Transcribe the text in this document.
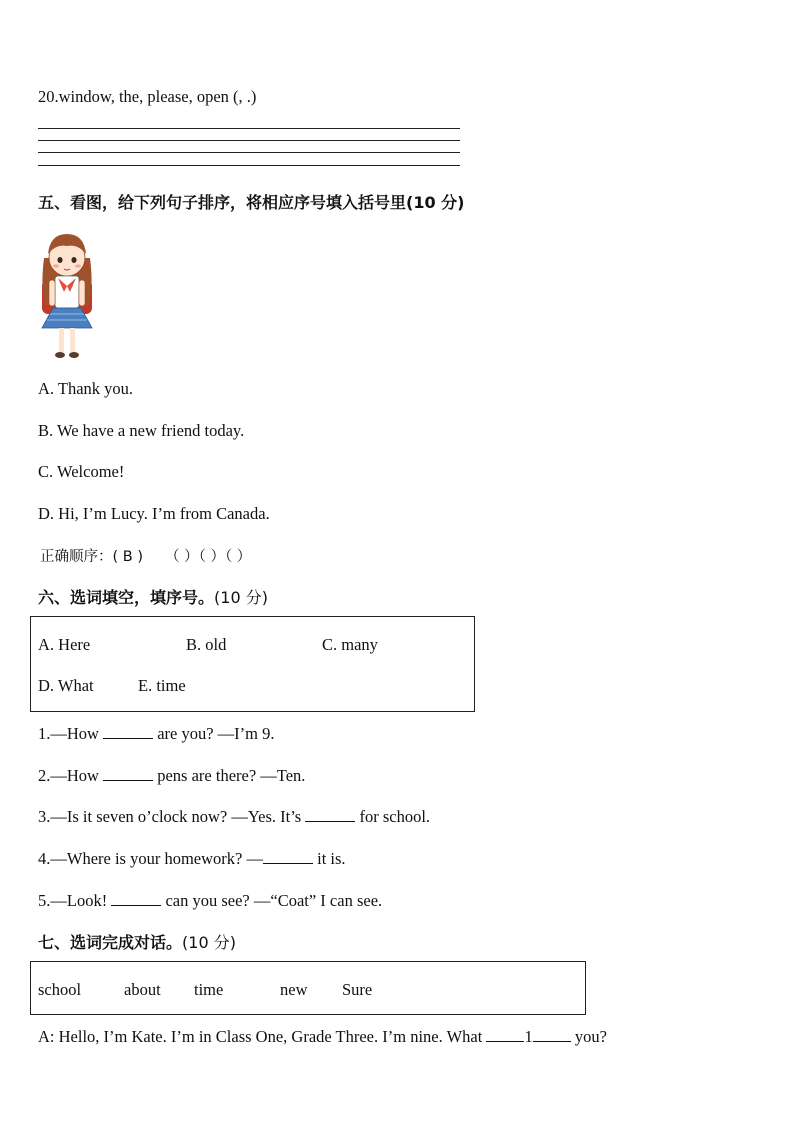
20.window, the, please, open (, .)
五、看图，给下列句子排序，将相应序号填入括号里(10 分)
A. Thank you.
B. We have a new friend today.
C. Welcome!
D. Hi, I’m Lucy. I’m from Canada.
正确顺序：( B ) （ ）（ ）（ ）
六、选词填空，填序号。(10 分)
A. Here	B. old	C. many
D. What	E. time
1.—How	are you? —I’m 9.
2.—How	pens are there? —Ten.
3.—Is it seven o’clock now? —Yes. It’s	for school.
4.—Where is your homework? —	it is.
5.—Look!	can you see? —“Coat” I can see.
七、选词完成对话。(10 分)
school	about time	new Sure
A: Hello, I’m Kate. I’m in Class One, Grade Three. I’m nine. What 1 you?
